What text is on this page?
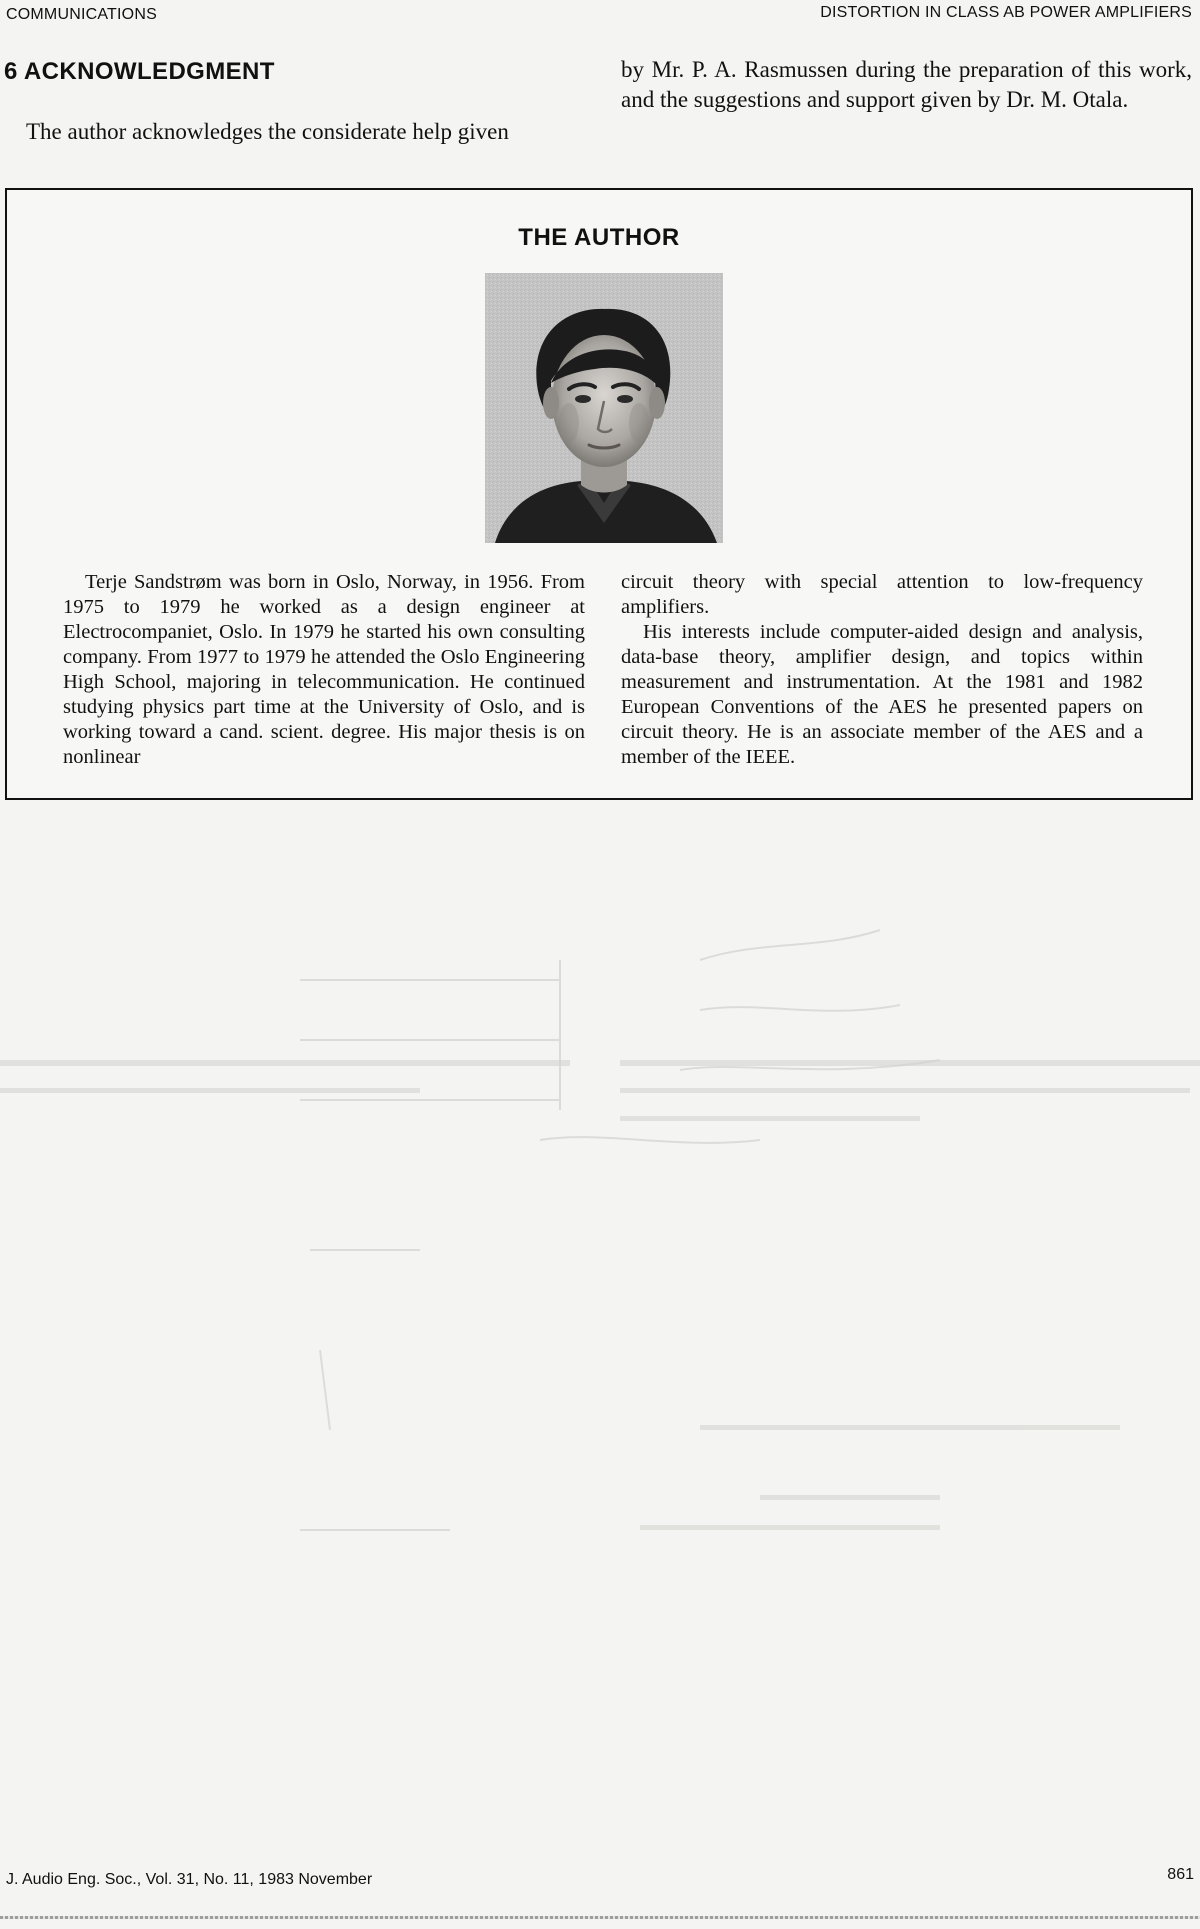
COMMUNICATIONS	DISTORTION IN CLASS AB POWER AMPLIFIERS
6 ACKNOWLEDGMENT
The author acknowledges the considerate help given
by Mr. P. A. Rasmussen during the preparation of this work, and the suggestions and support given by Dr. M. Otala.
THE AUTHOR

Terje Sandstrøm was born in Oslo, Norway, in 1956. From 1975 to 1979 he worked as a design engineer at Electrocompaniet, Oslo. In 1979 he started his own consulting company. From 1977 to 1979 he attended the Oslo Engineering High School, majoring in telecommunication. He continued studying physics part time at the University of Oslo, and is working toward a cand. scient. degree. His major thesis is on nonlinear

circuit theory with special attention to low-frequency amplifiers.

His interests include computer-aided design and analysis, data-base theory, amplifier design, and topics within measurement and instrumentation. At the 1981 and 1982 European Conventions of the AES he presented papers on circuit theory. He is an associate member of the AES and a member of the IEEE.

J. Audio Eng. Soc., Vol. 31, No. 11, 1983 November	861
